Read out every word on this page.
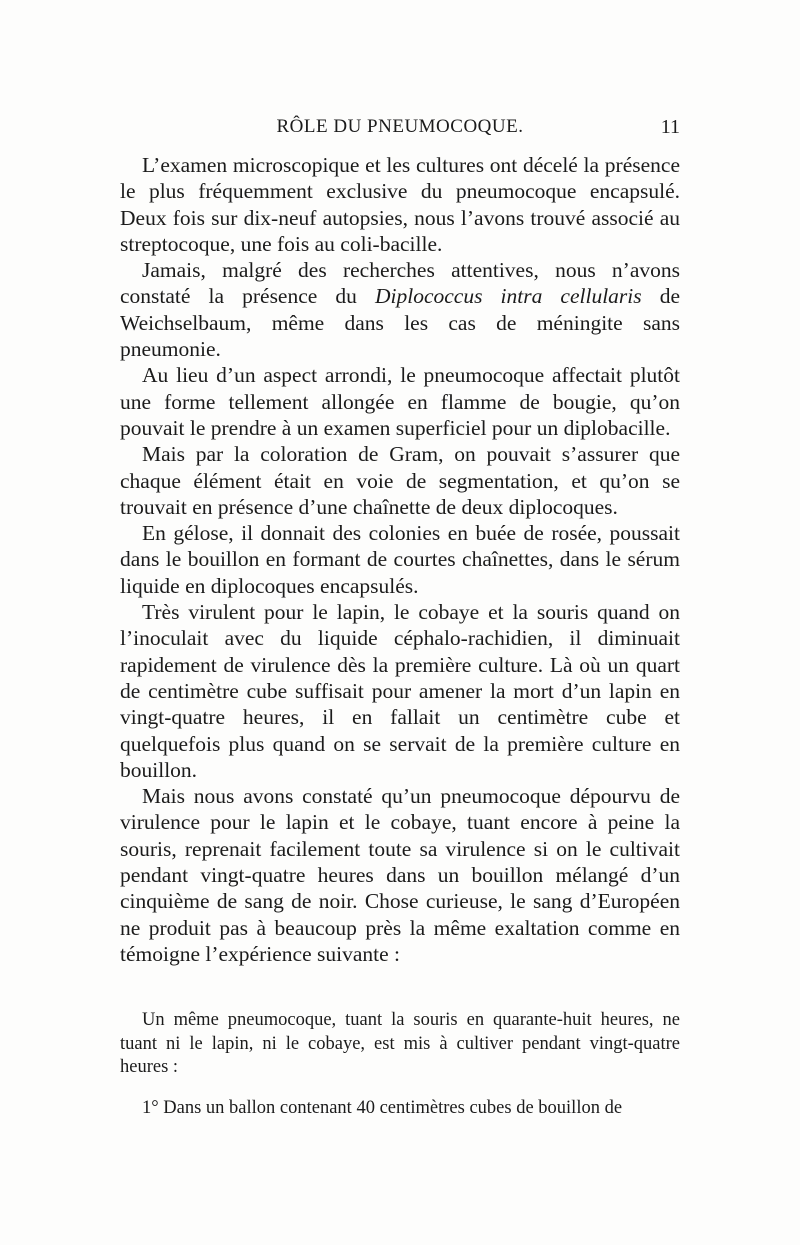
RÔLE DU PNEUMOCOQUE.	11

L’examen microscopique et les cultures ont décelé la présence le plus fréquemment exclusive du pneumocoque encapsulé. Deux fois sur dix-neuf autopsies, nous l’avons trouvé associé au streptocoque, une fois au coli-bacille.

Jamais, malgré des recherches attentives, nous n’avons constaté la présence du Diplococcus intra cellularis de Weichselbaum, même dans les cas de méningite sans pneumonie.

Au lieu d’un aspect arrondi, le pneumocoque affectait plutôt une forme tellement allongée en flamme de bougie, qu’on pouvait le prendre à un examen superficiel pour un diplobacille.

Mais par la coloration de Gram, on pouvait s’assurer que chaque élément était en voie de segmentation, et qu’on se trouvait en présence d’une chaînette de deux diplocoques.

En gélose, il donnait des colonies en buée de rosée, poussait dans le bouillon en formant de courtes chaînettes, dans le sérum liquide en diplocoques encapsulés.

Très virulent pour le lapin, le cobaye et la souris quand on l’inoculait avec du liquide céphalo-rachidien, il diminuait rapidement de virulence dès la première culture. Là où un quart de centimètre cube suffisait pour amener la mort d’un lapin en vingt-quatre heures, il en fallait un centimètre cube et quelquefois plus quand on se servait de la première culture en bouillon.

Mais nous avons constaté qu’un pneumocoque dépourvu de virulence pour le lapin et le cobaye, tuant encore à peine la souris, reprenait facilement toute sa virulence si on le cultivait pendant vingt-quatre heures dans un bouillon mélangé d’un cinquième de sang de noir. Chose curieuse, le sang d’Européen ne produit pas à beaucoup près la même exaltation comme en témoigne l’expérience suivante :

Un même pneumocoque, tuant la souris en quarante-huit heures, ne tuant ni le lapin, ni le cobaye, est mis à cultiver pendant vingt-quatre heures :

1° Dans un ballon contenant 40 centimètres cubes de bouillon de
